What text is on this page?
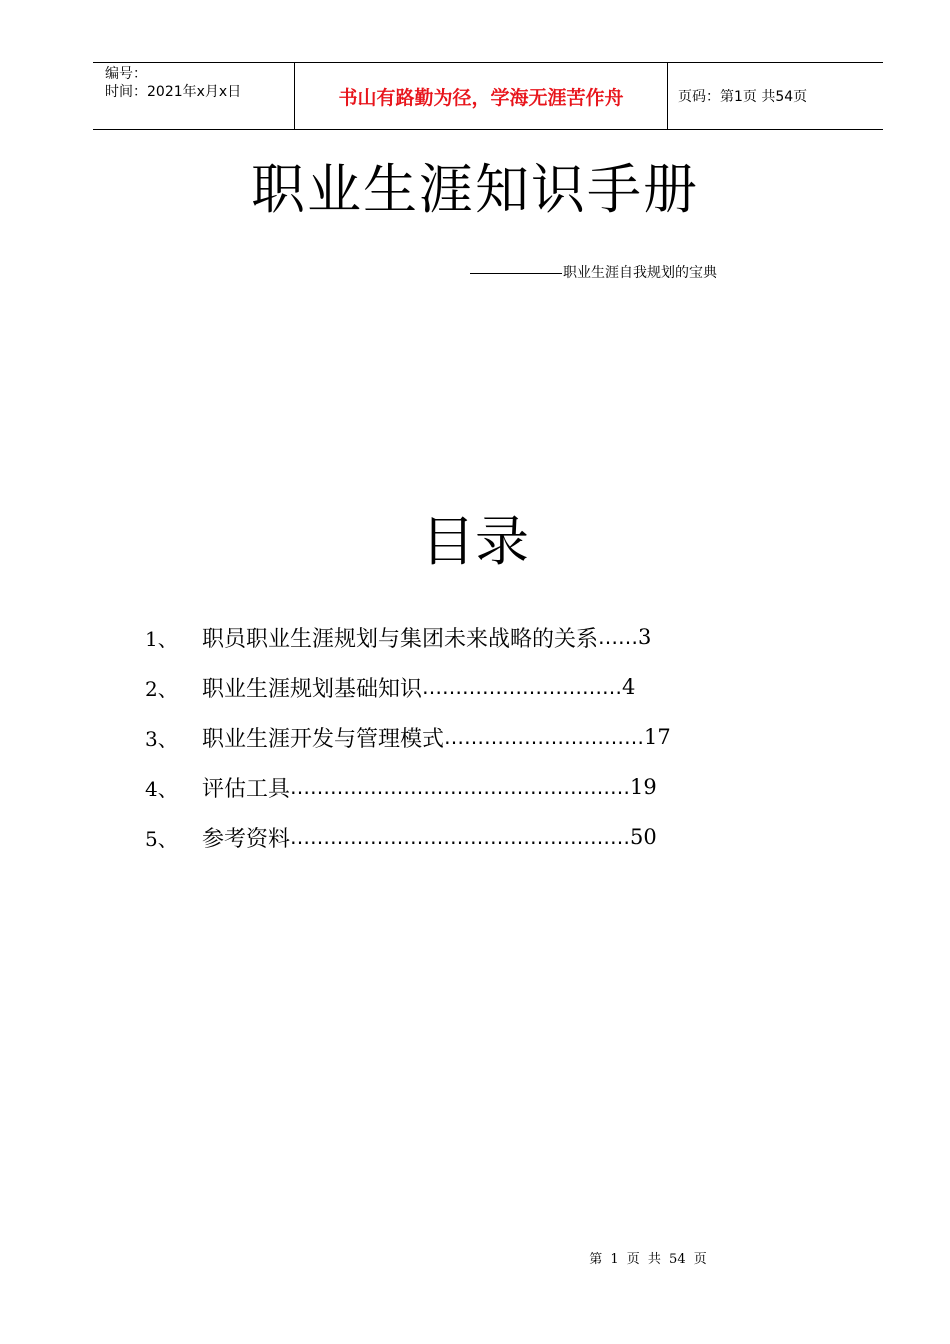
编号：
时间：2021年x月x日	书山有路勤为径，学海无涯苦作舟	页码：第1页 共54页
职业生涯知识手册
职业生涯自我规划的宝典
目录
1、	职员职业生涯规划与集团未来战略的关系 …… 3
2、	职业生涯规划基础知识 ………………………… 4
3、	职业生涯开发与管理模式 ………………………… 17
4、	评估工具 …………………………………………… 19
5、	参考资料 …………………………………………… 50
第 1 页 共 54 页
